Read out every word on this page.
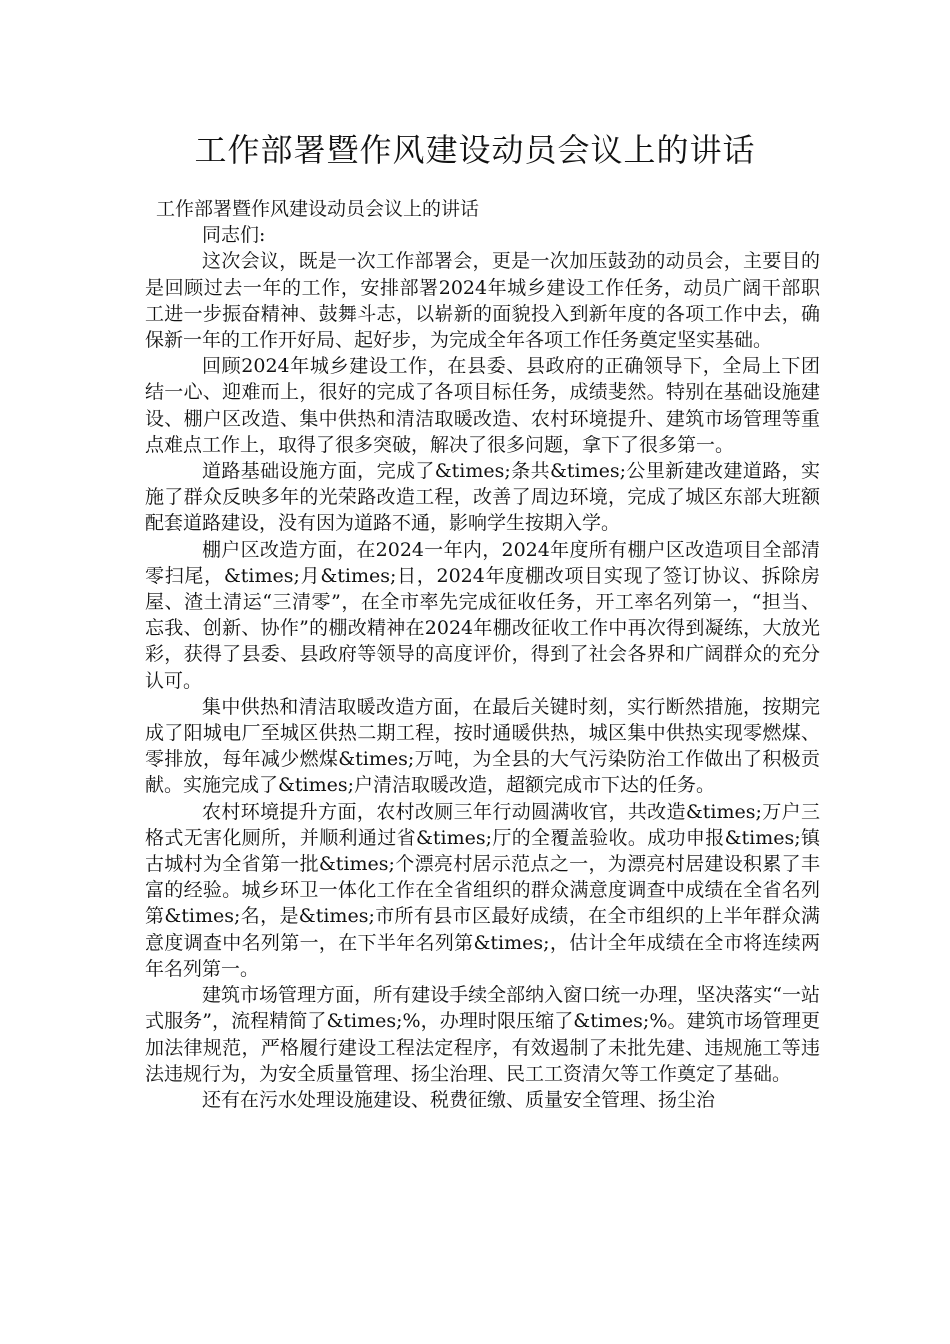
工作部署暨作风建设动员会议上的讲话

工作部署暨作风建设动员会议上的讲话

同志们:

这次会议，既是一次工作部署会，更是一次加压鼓劲的动员会，主要目的是回顾过去一年的工作，安排部署2024年城乡建设工作任务，动员广阔干部职工进一步振奋精神、鼓舞斗志，以崭新的面貌投入到新年度的各项工作中去，确保新一年的工作开好局、起好步，为完成全年各项工作任务奠定坚实基础。

回顾2024年城乡建设工作，在县委、县政府的正确领导下，全局上下团结一心、迎难而上，很好的完成了各项目标任务，成绩斐然。特别在基础设施建设、棚户区改造、集中供热和清洁取暖改造、农村环境提升、建筑市场管理等重点难点工作上，取得了很多突破，解决了很多问题，拿下了很多第一。

道路基础设施方面，完成了&times;条共&times;公里新建改建道路，实施了群众反映多年的光荣路改造工程，改善了周边环境，完成了城区东部大班额配套道路建设，没有因为道路不通，影响学生按期入学。

棚户区改造方面，在2024一年内，2024年度所有棚户区改造项目全部清零扫尾，&times;月&times;日，2024年度棚改项目实现了签订协议、拆除房屋、渣土清运“三清零”，在全市率先完成征收任务，开工率名列第一，“担当、忘我、创新、协作”的棚改精神在2024年棚改征收工作中再次得到凝练，大放光彩，获得了县委、县政府等领导的高度评价，得到了社会各界和广阔群众的充分认可。

集中供热和清洁取暖改造方面，在最后关键时刻，实行断然措施，按期完成了阳城电厂至城区供热二期工程，按时通暖供热，城区集中供热实现零燃煤、零排放，每年减少燃煤&times;万吨，为全县的大气污染防治工作做出了积极贡献。实施完成了&times;户清洁取暖改造，超额完成市下达的任务。

农村环境提升方面，农村改厕三年行动圆满收官，共改造&times;万户三格式无害化厕所，并顺利通过省&times;厅的全覆盖验收。成功申报&times;镇古城村为全省第一批&times;个漂亮村居示范点之一，为漂亮村居建设积累了丰富的经验。城乡环卫一体化工作在全省组织的群众满意度调查中成绩在全省名列第&times;名，是&times;市所有县市区最好成绩，在全市组织的上半年群众满意度调查中名列第一，在下半年名列第&times;，估计全年成绩在全市将连续两年名列第一。

建筑市场管理方面，所有建设手续全部纳入窗口统一办理，坚决落实“一站式服务”，流程精简了&times;%，办理时限压缩了&times;%。建筑市场管理更加法律规范，严格履行建设工程法定程序，有效遏制了未批先建、违规施工等违法违规行为，为安全质量管理、扬尘治理、民工工资清欠等工作奠定了基础。

还有在污水处理设施建设、税费征缴、质量安全管理、扬尘治
